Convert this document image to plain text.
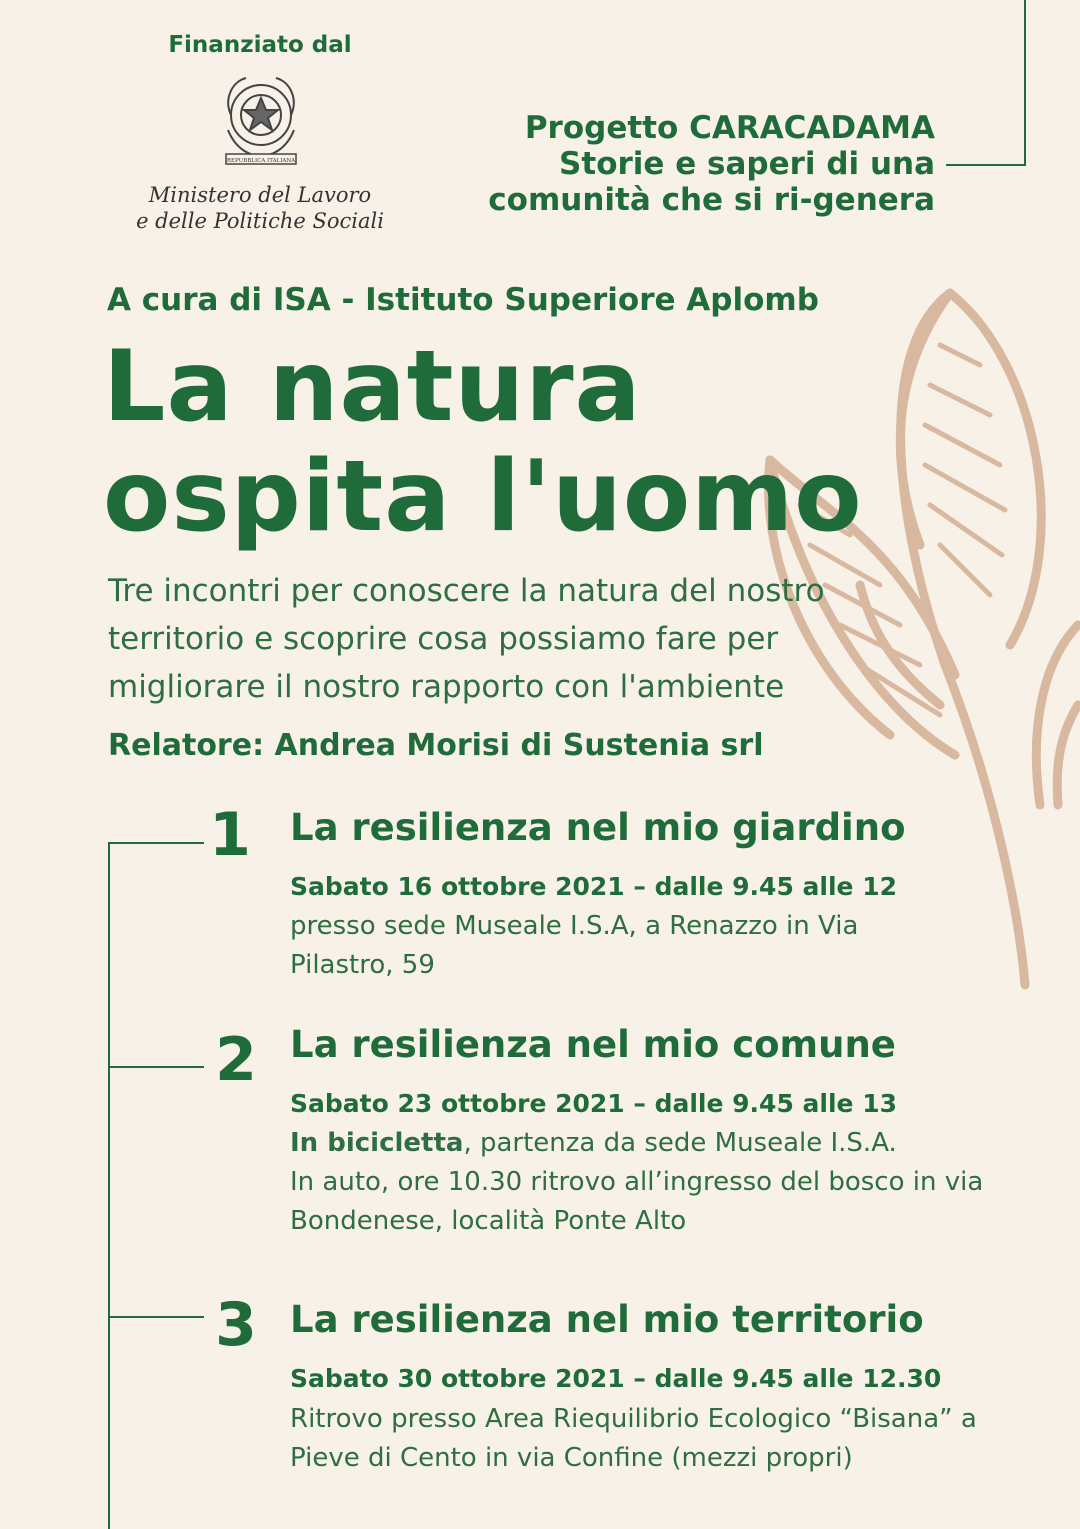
Finanziato dal
REPUBBLICA ITALIANA
Ministero del Lavoro
e delle Politiche Sociali
Progetto CARACADAMA
Storie e saperi di una
comunità che si ri-genera
A cura di ISA - Istituto Superiore Aplomb
La natura
ospita l'uomo
Tre incontri per conoscere la natura del nostro
territorio e scoprire cosa possiamo fare per
migliorare il nostro rapporto con l'ambiente
Relatore: Andrea Morisi di Sustenia srl
1 La resilienza nel mio giardino
Sabato 16 ottobre 2021 – dalle 9.45 alle 12
presso sede Museale I.S.A, a Renazzo in Via
Pilastro, 59
2 La resilienza nel mio comune
Sabato 23 ottobre 2021 – dalle 9.45 alle 13
In bicicletta, partenza da sede Museale I.S.A.
In auto, ore 10.30 ritrovo all’ingresso del bosco in via
Bondenese, località Ponte Alto
3 La resilienza nel mio territorio
Sabato 30 ottobre 2021 – dalle 9.45 alle 12.30
Ritrovo presso Area Riequilibrio Ecologico “Bisana” a
Pieve di Cento in via Confine (mezzi propri)
